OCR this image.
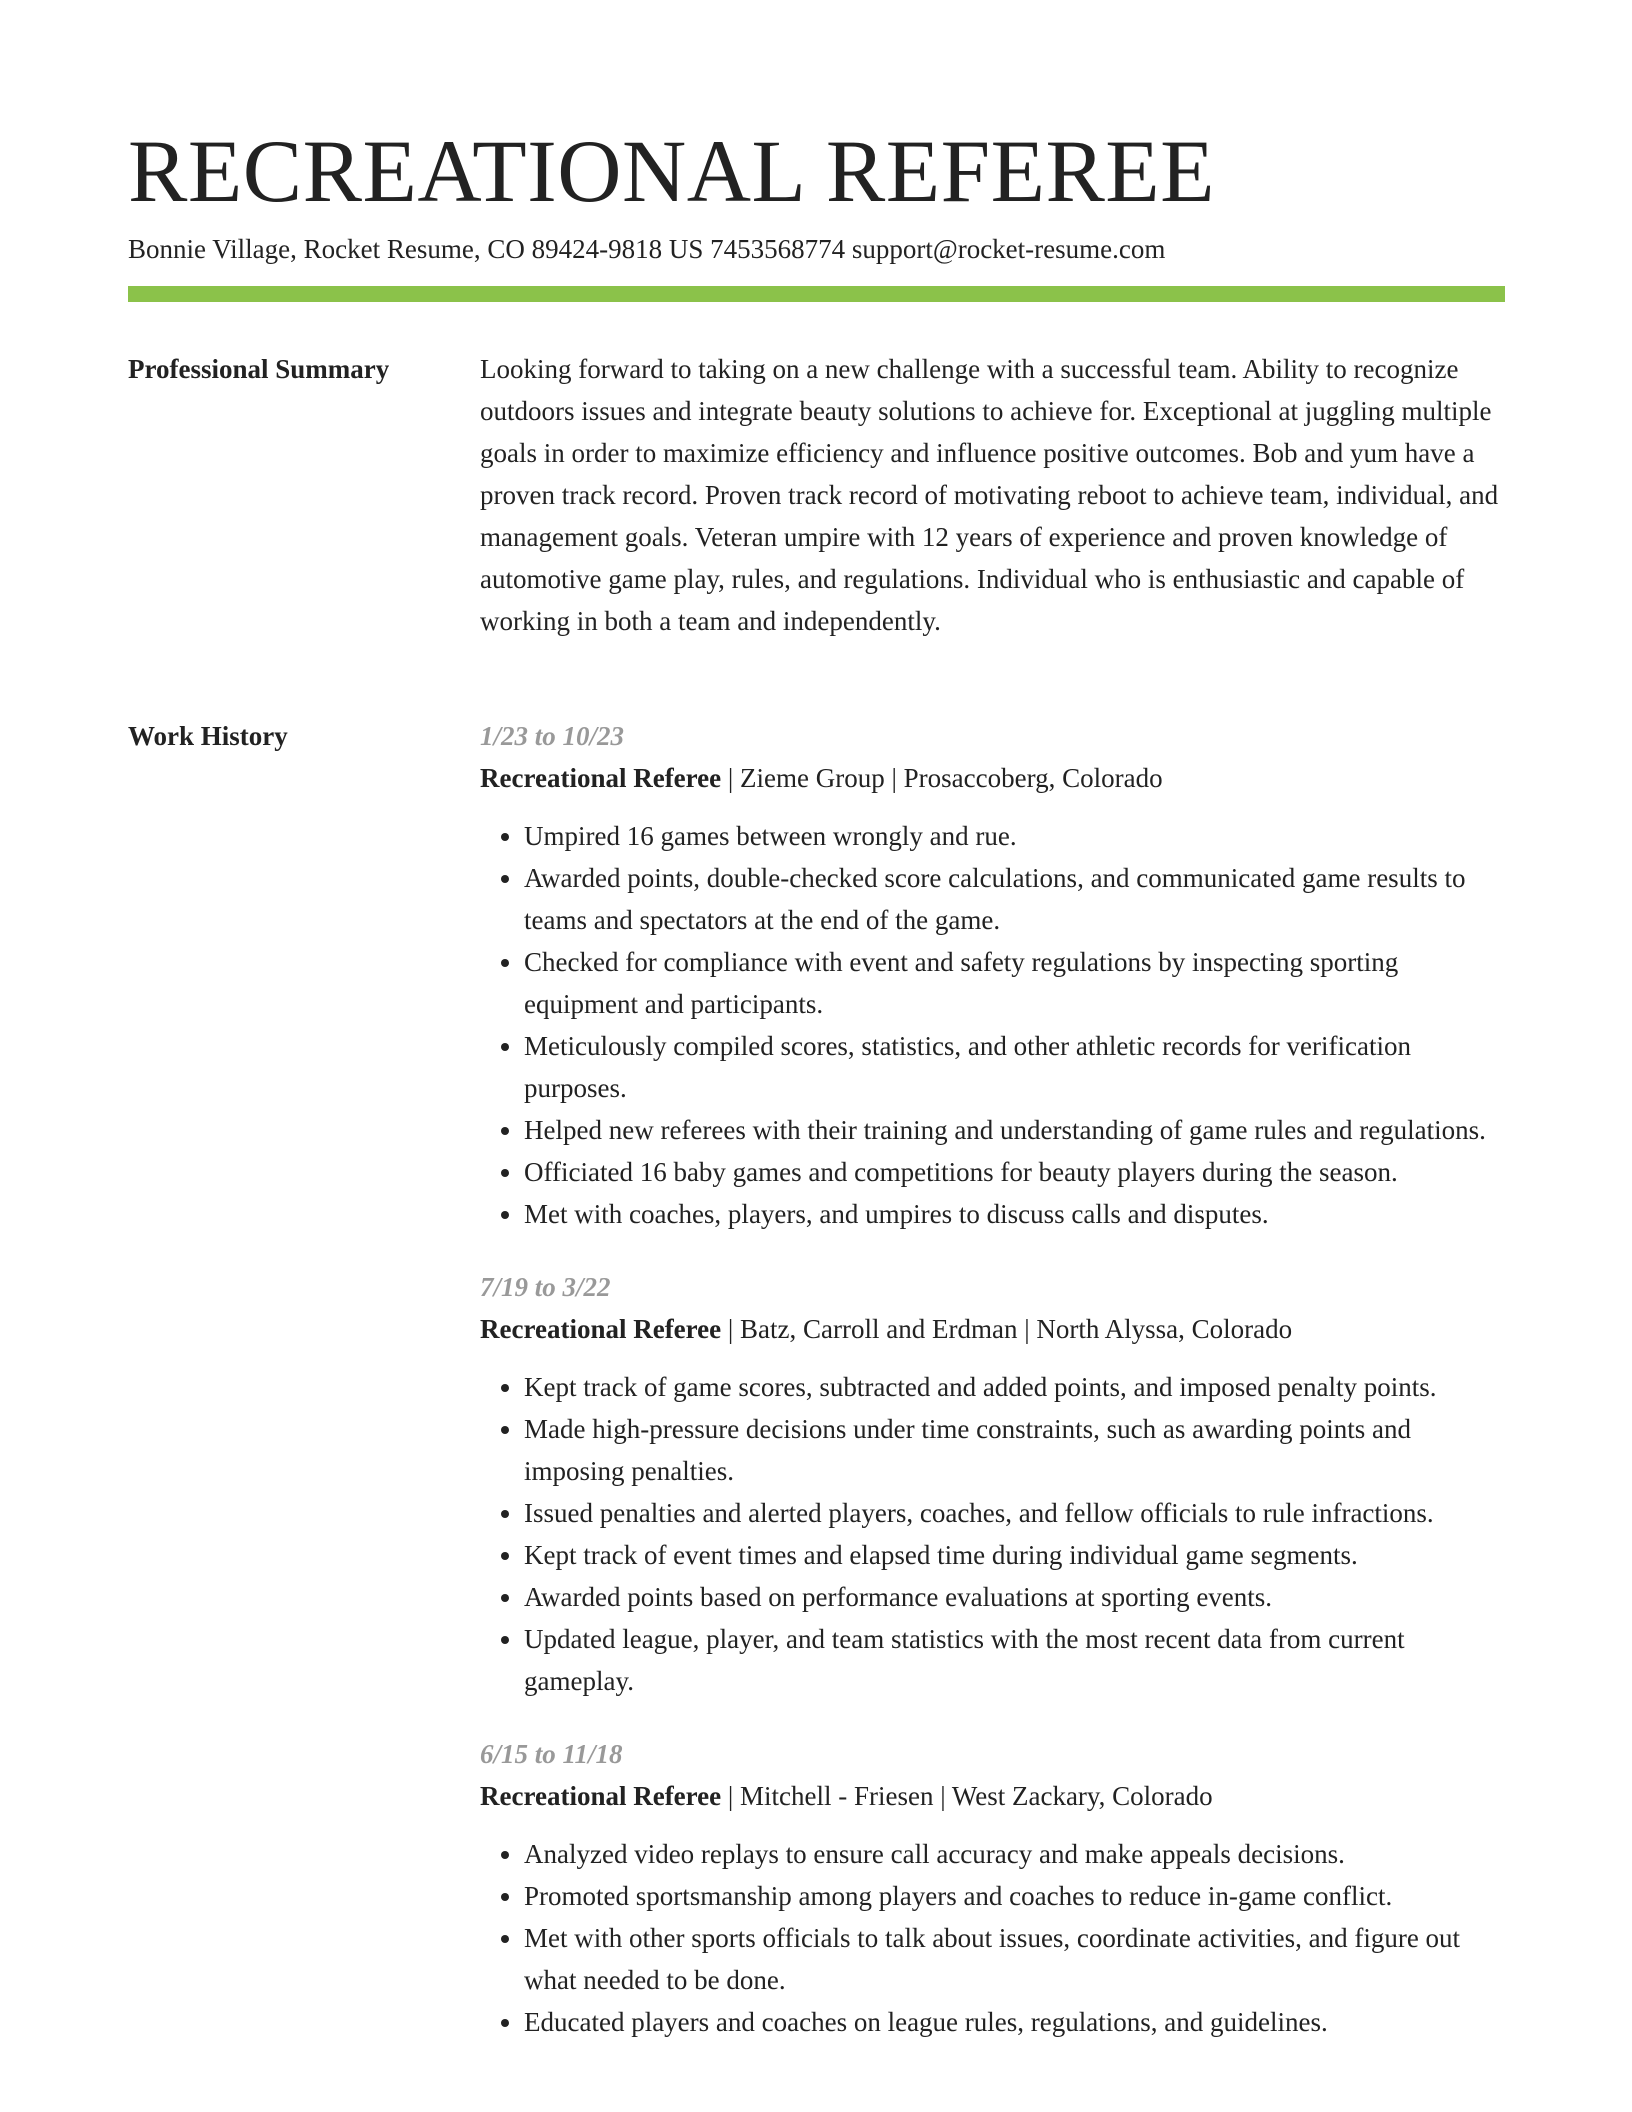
RECREATIONAL REFEREE
Bonnie Village, Rocket Resume, CO 89424-9818 US 7453568774 support@rocket-resume.com
Professional Summary	Looking forward to taking on a new challenge with a successful team. Ability to recognize outdoors issues and integrate beauty solutions to achieve for. Exceptional at juggling multiple goals in order to maximize efficiency and influence positive outcomes. Bob and yum have a proven track record. Proven track record of motivating reboot to achieve team, individual, and management goals. Veteran umpire with 12 years of experience and proven knowledge of automotive game play, rules, and regulations. Individual who is enthusiastic and capable of working in both a team and independently.

Work History	1/23 to 10/23
Recreational Referee | Zieme Group | Prosaccoberg, Colorado
• Umpired 16 games between wrongly and rue.
• Awarded points, double-checked score calculations, and communicated game results to teams and spectators at the end of the game.
• Checked for compliance with event and safety regulations by inspecting sporting equipment and participants.
• Meticulously compiled scores, statistics, and other athletic records for verification purposes.
• Helped new referees with their training and understanding of game rules and regulations.
• Officiated 16 baby games and competitions for beauty players during the season.
• Met with coaches, players, and umpires to discuss calls and disputes.
7/19 to 3/22
Recreational Referee | Batz, Carroll and Erdman | North Alyssa, Colorado
• Kept track of game scores, subtracted and added points, and imposed penalty points.
• Made high-pressure decisions under time constraints, such as awarding points and imposing penalties.
• Issued penalties and alerted players, coaches, and fellow officials to rule infractions.
• Kept track of event times and elapsed time during individual game segments.
• Awarded points based on performance evaluations at sporting events.
• Updated league, player, and team statistics with the most recent data from current gameplay.
6/15 to 11/18
Recreational Referee | Mitchell - Friesen | West Zackary, Colorado
• Analyzed video replays to ensure call accuracy and make appeals decisions.
• Promoted sportsmanship among players and coaches to reduce in-game conflict.
• Met with other sports officials to talk about issues, coordinate activities, and figure out what needed to be done.
• Educated players and coaches on league rules, regulations, and guidelines.
